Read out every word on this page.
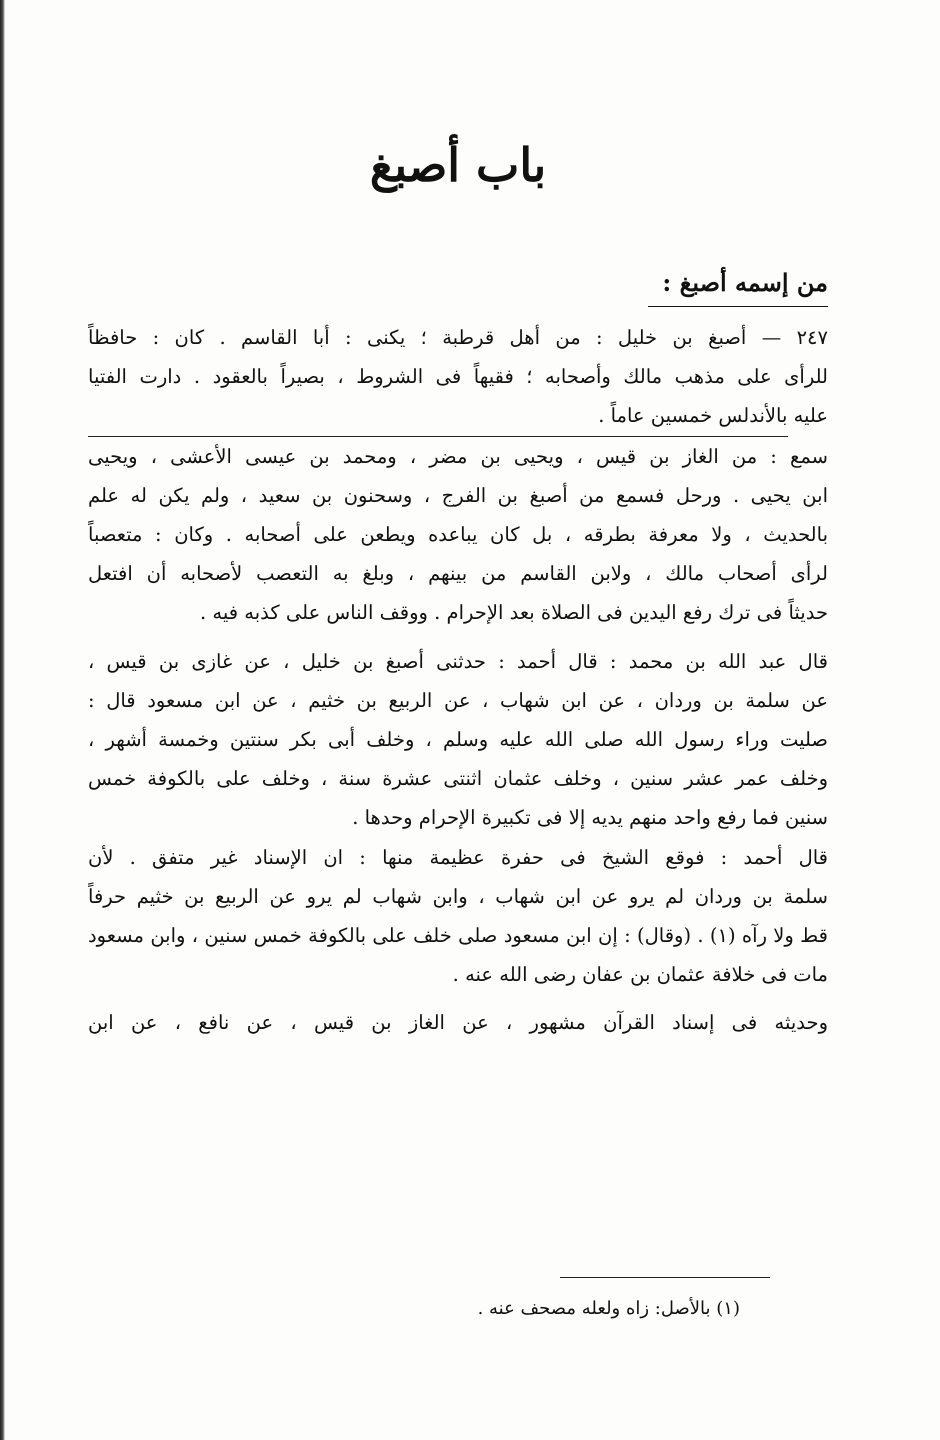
باب أصبغ
من إسمه أصبغ :
٢٤٧ — أصبغ بن خليل : من أهل قرطبة ؛ يكنى : أبا القاسم . كان : حافظاً
للرأى على مذهب مالك وأصحابه ؛ فقيهاً فى الشروط ، بصيراً بالعقود . دارت الفتيا
عليه بالأندلس خمسين عاماً .
سمع : من الغاز بن قيس ، ويحيى بن مضر ، ومحمد بن عيسى الأعشى ، ويحيى
ابن يحيى . ورحل فسمع من أصبغ بن الفرج ، وسحنون بن سعيد ، ولم يكن له علم
بالحديث ، ولا معرفة بطرقه ، بل كان يباعده ويطعن على أصحابه . وكان : متعصباً
لرأى أصحاب مالك ، ولابن القاسم من بينهم ، وبلغ به التعصب لأصحابه أن افتعل
حديثاً فى ترك رفع اليدين فى الصلاة بعد الإحرام . ووقف الناس على كذبه فيه .
قال عبد الله بن محمد : قال أحمد : حدثنى أصبغ بن خليل ، عن غازى بن قيس ،
عن سلمة بن وردان ، عن ابن شهاب ، عن الربيع بن خثيم ، عن ابن مسعود قال :
صليت وراء رسول الله صلى الله عليه وسلم ، وخلف أبى بكر سنتين وخمسة أشهر ،
وخلف عمر عشر سنين ، وخلف عثمان اثنتى عشرة سنة ، وخلف على بالكوفة خمس
سنين فما رفع واحد منهم يديه إلا فى تكبيرة الإحرام وحدها .
قال أحمد : فوقع الشيخ فى حفرة عظيمة منها : ان الإسناد غير متفق . لأن
سلمة بن وردان لم يرو عن ابن شهاب ، وابن شهاب لم يرو عن الربيع بن خثيم حرفاً
قط ولا رآه (١) . (وقال) : إن ابن مسعود صلى خلف على بالكوفة خمس سنين ، وابن مسعود
مات فى خلافة عثمان بن عفان رضى الله عنه .
وحديثه فى إسناد القرآن مشهور ، عن الغاز بن قيس ، عن نافع ، عن ابن
(١) بالأصل: زاه ولعله مصحف عنه .
